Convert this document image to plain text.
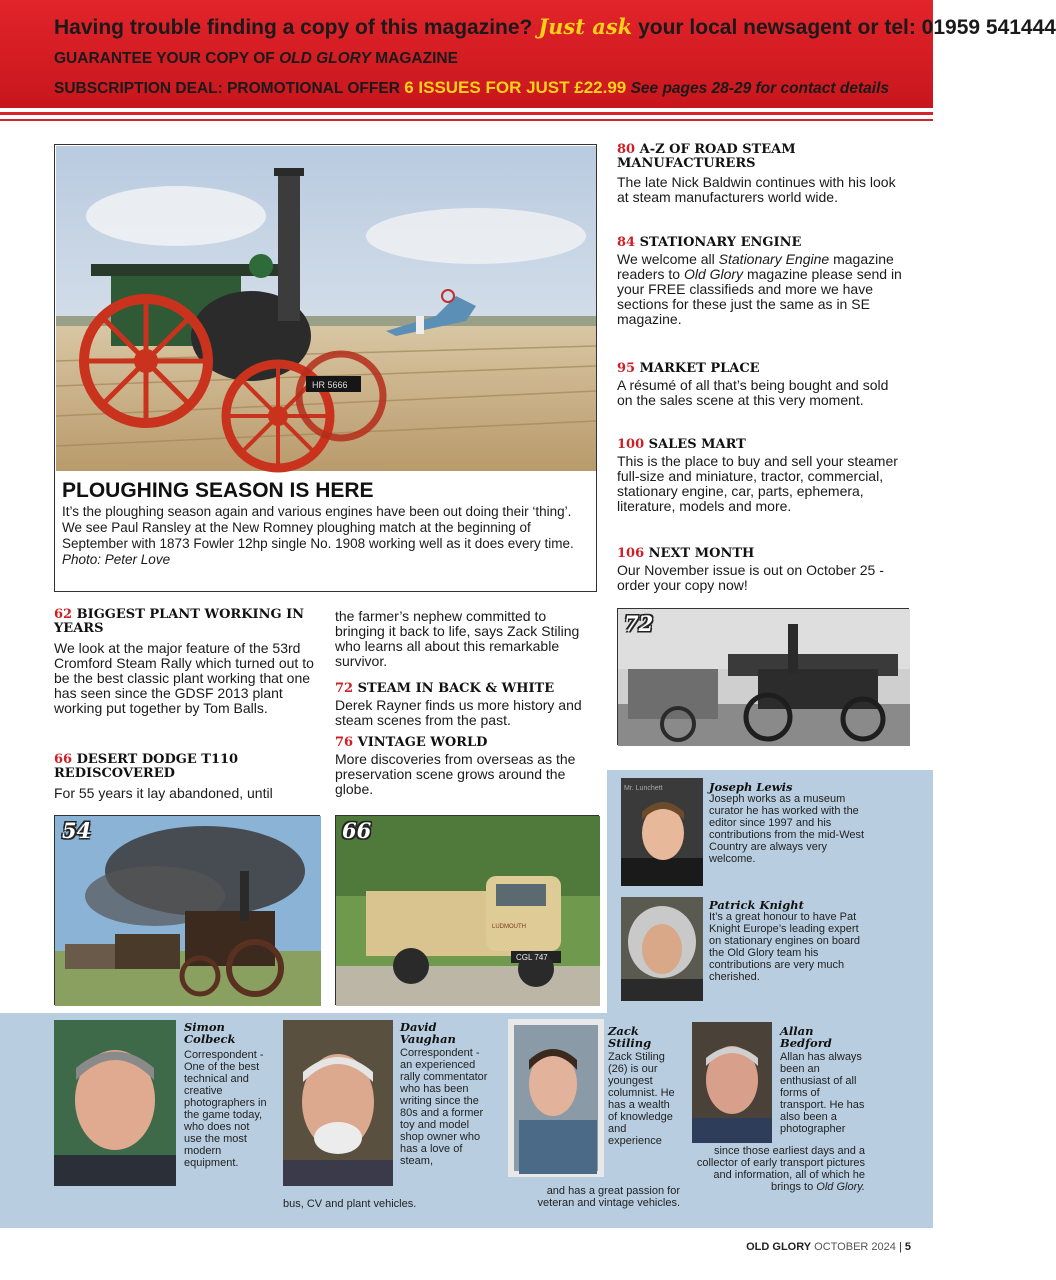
Having trouble finding a copy of this magazine? Just ask your local newsagent or tel: 01959 541444
GUARANTEE YOUR COPY OF OLD GLORY MAGAZINE
SUBSCRIPTION DEAL: PROMOTIONAL OFFER 6 ISSUES FOR JUST £22.99 See pages 28-29 for contact details
HR 5666
PLOUGHING SEASON IS HERE
It’s the ploughing season again and various engines have been out doing their ‘thing’. We see Paul Ransley at the New Romney ploughing match at the beginning of September with 1873 Fowler 12hp single No. 1908 working well as it does every time. Photo: Peter Love
62 BIGGEST PLANT WORKING IN YEARS
We look at the major feature of the 53rd Cromford Steam Rally which turned out to be the best classic plant working that one has seen since the GDSF 2013 plant working put together by Tom Balls.
66 DESERT DODGE T110 REDISCOVERED
For 55 years it lay abandoned, until
the farmer’s nephew committed to bringing it back to life, says Zack Stiling who learns all about this remarkable survivor.
72 STEAM IN BACK & WHITE
Derek Rayner finds us more history and steam scenes from the past.
76 VINTAGE WORLD
More discoveries from overseas as the preservation scene grows around the globe.
80 A-Z OF ROAD STEAM MANUFACTURERS
The late Nick Baldwin continues with his look at steam manufacturers world wide.
84 STATIONARY ENGINE
We welcome all Stationary Engine magazine readers to Old Glory magazine please send in your FREE classifieds and more we have sections for these just the same as in SE magazine.
95 MARKET PLACE
A résumé of all that’s being bought and sold on the sales scene at this very moment.
100 SALES MART
This is the place to buy and sell your steamer full-size and miniature, tractor, commercial, stationary engine, car, parts, ephemera, literature, models and more.
106 NEXT MONTH
Our November issue is out on October 25 - order your copy now!
72
54
LUDMOUTH
CGL 747
66
Mr. Lunchett	Joseph Lewis
Joseph works as a museum curator he has worked with the editor since 1997 and his contributions from the mid-West Country are always very welcome.
Patrick Knight
It’s a great honour to have Pat Knight Europe’s leading expert on stationary engines on board the Old Glory team his contributions are very much cherished.
Simon Colbeck
Correspondent - One of the best technical and creative photographers in the game today, who does not use the most modern equipment.
David Vaughan
Correspondent - an experienced rally commentator who has been writing since the 80s and a former toy and model shop owner who has a love of steam,
bus, CV and plant vehicles.
Zack Stiling
Zack Stiling (26) is our youngest columnist. He has a wealth of knowledge and experience
and has a great passion for veteran and vintage vehicles.
Allan Bedford
Allan has always been an enthusiast of all forms of transport. He has also been a photographer
since those earliest days and a collector of early transport pictures and information, all of which he brings to Old Glory.
OLD GLORY OCTOBER 2024 | 5
